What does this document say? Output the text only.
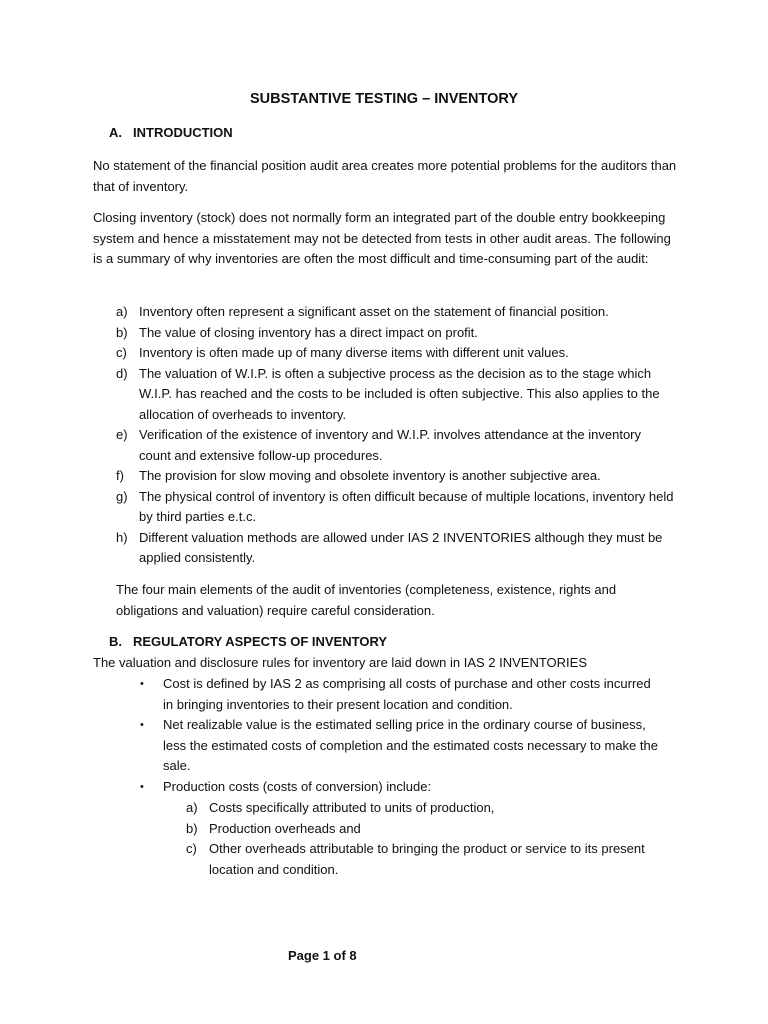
SUBSTANTIVE TESTING – INVENTORY
A. INTRODUCTION
No statement of the financial position audit area creates more potential problems for the auditors than that of inventory.
Closing inventory (stock) does not normally form an integrated part of the double entry bookkeeping system and hence a misstatement may not be detected from tests in other audit areas. The following is a summary of why inventories are often the most difficult and time-consuming part of the audit:
a) Inventory often represent a significant asset on the statement of financial position.
b) The value of closing inventory has a direct impact on profit.
c) Inventory is often made up of many diverse items with different unit values.
d) The valuation of W.I.P. is often a subjective process as the decision as to the stage which W.I.P. has reached and the costs to be included is often subjective. This also applies to the allocation of overheads to inventory.
e) Verification of the existence of inventory and W.I.P. involves attendance at the inventory count and extensive follow-up procedures.
f)	The provision for slow moving and obsolete inventory is another subjective area.
g) The physical control of inventory is often difficult because of multiple locations, inventory held by third parties e.t.c.
h) Different valuation methods are allowed under IAS 2 INVENTORIES although they must be applied consistently.
The four main elements of the audit of inventories (completeness, existence, rights and obligations and valuation) require careful consideration.
B. REGULATORY ASPECTS OF INVENTORY
The valuation and disclosure rules for inventory are laid down in IAS 2 INVENTORIES
•	Cost is defined by IAS 2 as comprising all costs of purchase and other costs incurred in bringing inventories to their present location and condition.
•	Net realizable value is the estimated selling price in the ordinary course of business, less the estimated costs of completion and the estimated costs necessary to make the sale.
•	Production costs (costs of conversion) include:
a) Costs specifically attributed to units of production,
b) Production overheads and
c) Other overheads attributable to bringing the product or service to its present location and condition.
Page 1 of 8
